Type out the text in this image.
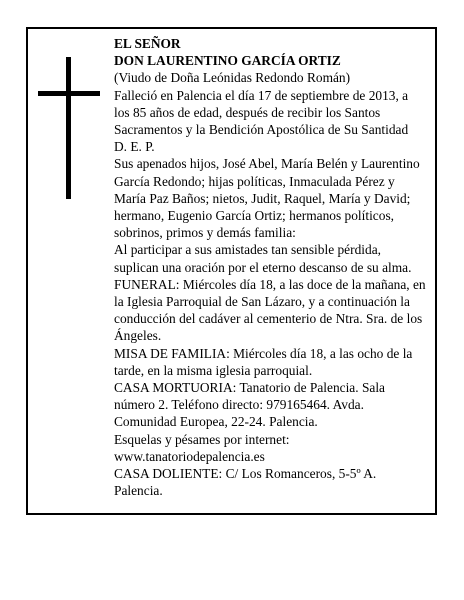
EL SEÑOR

DON LAURENTINO GARCÍA ORTIZ

(Viudo de Doña Leónidas Redondo Román)

Falleció en Palencia el día 17 de septiembre de 2013, a los 85 años de edad, después de recibir los Santos Sacramentos y la Bendición Apostólica de Su Santidad

D. E. P.

Sus apenados hijos, José Abel, María Belén y Laurentino García Redondo; hijas políticas, Inmaculada Pérez y María Paz Baños; nietos, Judit, Raquel, María y David; hermano, Eugenio García Ortiz; hermanos políticos, sobrinos, primos y demás familia:

Al participar a sus amistades tan sensible pérdida, suplican una oración por el eterno descanso de su alma.

FUNERAL: Miércoles día 18, a las doce de la mañana, en la Iglesia Parroquial de San Lázaro, y a continuación la conducción del cadáver al cementerio de Ntra. Sra. de los Ángeles.

MISA DE FAMILIA: Miércoles día 18, a las ocho de la tarde, en la misma iglesia parroquial.

CASA MORTUORIA: Tanatorio de Palencia. Sala número 2. Teléfono directo: 979165464. Avda. Comunidad Europea, 22-24. Palencia.

Esquelas y pésames por internet:

www.tanatoriodepalencia.es

CASA DOLIENTE: C/ Los Romanceros, 5-5º A. Palencia.
